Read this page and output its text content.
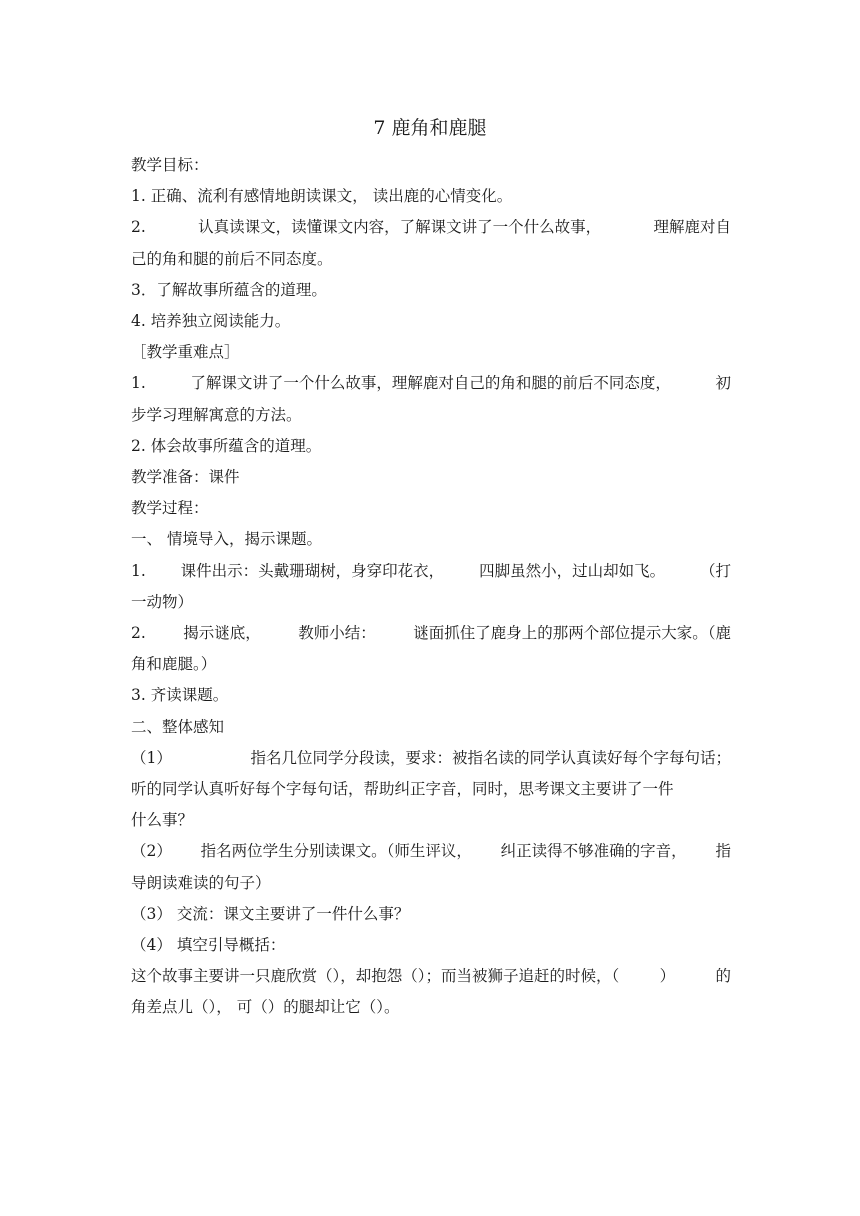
7 鹿角和鹿腿
教学目标：
1. 正确、流利有感情地朗读课文， 读出鹿的心情变化。
2.	认真读课文，读懂课文内容，了解课文讲了一个什么故事，	理解鹿对自
己的角和腿的前后不同态度。
3．了解故事所蕴含的道理。
4. 培养独立阅读能力。
［教学重难点］
1.	了解课文讲了一个什么故事，理解鹿对自己的角和腿的前后不同态度，	初
步学习理解寓意的方法。
2. 体会故事所蕴含的道理。
教学准备：课件
教学过程：
一、 情境导入，揭示课题。
1. 课件出示：头戴珊瑚树，身穿印花衣， 四脚虽然小，过山却如飞。 （打
一动物）
2. 揭示谜底， 教师小结： 谜面抓住了鹿身上的那两个部位提示大家。（鹿
角和鹿腿。）
3. 齐读课题。
二、整体感知
（1）	指名几位同学分段读，要求：被指名读的同学认真读好每个字每句话；
听的同学认真听好每个字每句话，帮助纠正字音，同时，思考课文主要讲了一件
什么事？
（2） 指名两位学生分别读课文。（师生评议， 纠正读得不够准确的字音， 指
导朗读难读的句子）
（3） 交流：课文主要讲了一件什么事？
（4） 填空引导概括：
这个故事主要讲一只鹿欣赏（），却抱怨（）；而当被狮子追赶的时候，（	）	的
角差点儿（）， 可（）的腿却让它（）。
